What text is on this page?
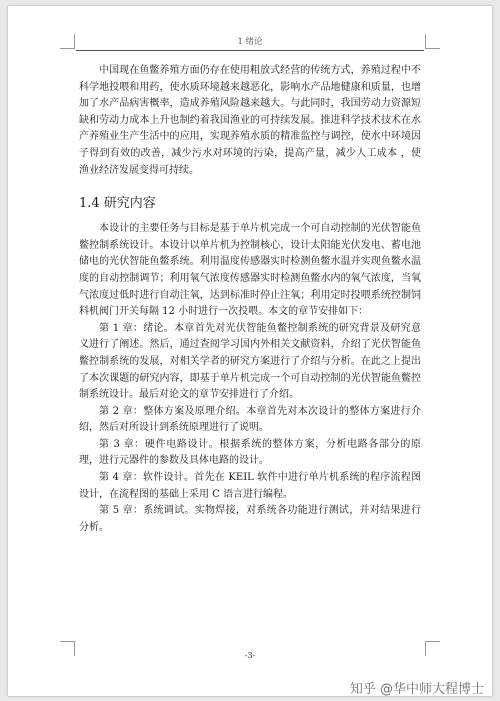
1 绪论

中国现在鱼鳖养殖方面仍存在使用粗放式经营的传统方式，养殖过程中不科学地投喂和用药，使水质环境越来越恶化，影响水产品地健康和质量，也增加了水产品病害概率，造成养殖风险越来越大。与此同时，我国劳动力资源短缺和劳动力成本上升也制约着我国渔业的可持续发展。推进科学技术技术在水产养殖业生产生活中的应用，实现养殖水质的精准监控与调控，使水中环境因子得到有效的改善，减少污水对环境的污染，提高产量，减少人工成本 ，使渔业经济发展变得可持续。

1.4 研究内容

本设计的主要任务与目标是基于单片机完成一个可自动控制的光伏智能鱼鳖控制系统设计。本设计以单片机为控制核心，设计太阳能光伏发电、蓄电池储电的光伏智能鱼鳖系统。利用温度传感器实时检测鱼鳖水温并实现鱼鳖水温度的自动控制调节；利用氧气浓度传感器实时检测鱼鳖水内的氧气浓度，当氧气浓度过低时进行自动注氧，达到标准时停止注氧；利用定时投喂系统控制饲料机阀门开关每隔 12 小时进行一次投喂。本文的章节安排如下：

第 1 章：绪论。本章首先对光伏智能鱼鳖控制系统的研究背景及研究意义进行了阐述。然后，通过查阅学习国内外相关文献资料，介绍了光伏智能鱼鳖控制系统的发展，对相关学者的研究方案进行了介绍与分析。在此之上提出了本次课题的研究内容，即基于单片机完成一个可自动控制的光伏智能鱼鳖控制系统设计。最后对论文的章节安排进行了介绍。

第 2 章：整体方案及原理介绍。本章首先对本次设计的整体方案进行介绍，然后对所设计到系统原理进行了说明。

第 3 章：硬件电路设计。根据系统的整体方案，分析电路各部分的原理，进行元器件的参数及具体电路的设计。

第 4 章：软件设计。首先在 KEIL 软件中进行单片机系统的程序流程图设计，在流程图的基础上采用 C 语言进行编程。

第 5 章：系统调试。实物焊接，对系统各功能进行测试，并对结果进行分析。

-3-
知乎 @华中师大程博士
